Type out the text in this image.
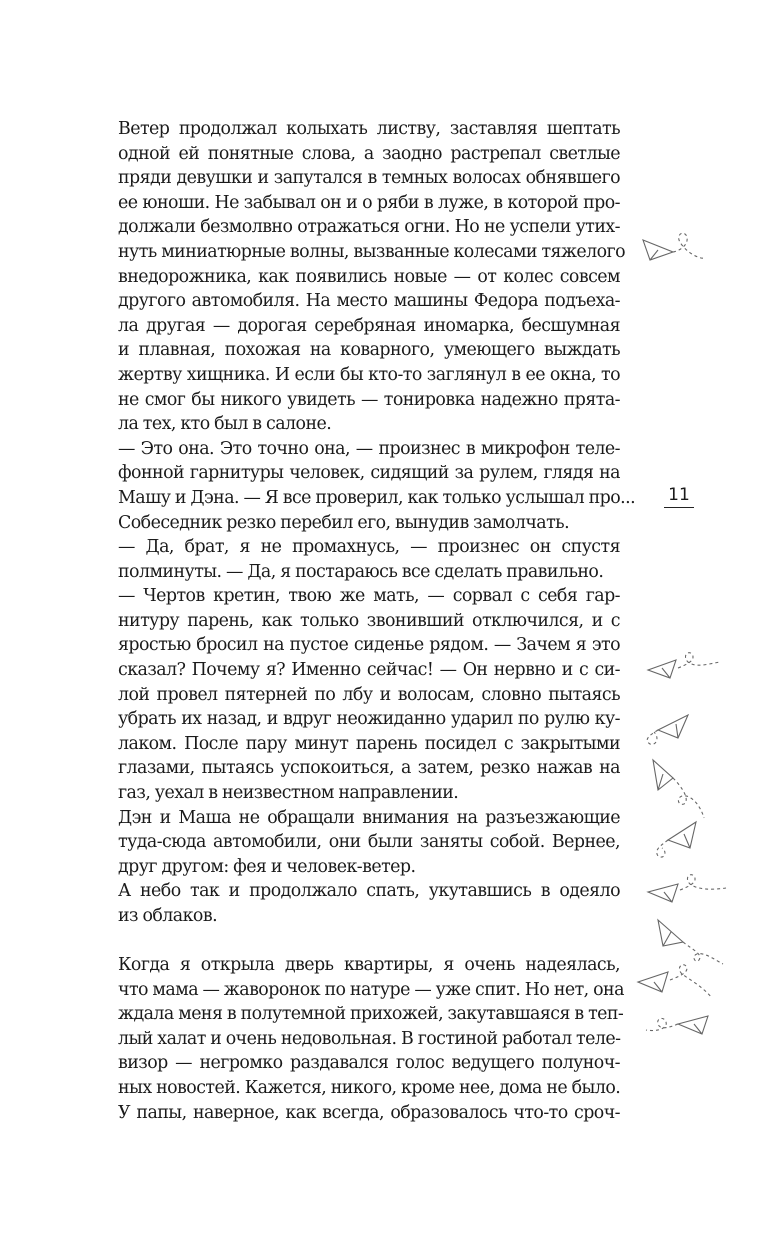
Ветер продолжал колыхать листву, заставляя шептать
одной ей понятные слова, а заодно растрепал светлые
пряди девушки и запутался в темных волосах обнявшего
ее юноши. Не забывал он и о ряби в луже, в которой про-
должали безмолвно отражаться огни. Но не успели утих-
нуть миниатюрные волны, вызванные колесами тяжелого
внедорожника, как появились новые — от колес совсем
другого автомобиля. На место машины Федора подъеха-
ла другая — дорогая серебряная иномарка, бесшумная
и плавная, похожая на коварного, умеющего выждать
жертву хищника. И если бы кто-то заглянул в ее окна, то
не смог бы никого увидеть — тонировка надежно прята-
ла тех, кто был в салоне.
— Это она. Это точно она, — произнес в микрофон теле-
фонной гарнитуры человек, сидящий за рулем, глядя на
Машу и Дэна. — Я все проверил, как только услышал про...
Собеседник резко перебил его, вынудив замолчать.
— Да, брат, я не промахнусь, — произнес он спустя
полминуты. — Да, я постараюсь все сделать правильно.
— Чертов кретин, твою же мать, — сорвал с себя гар-
нитуру парень, как только звонивший отключился, и с
яростью бросил на пустое сиденье рядом. — Зачем я это
сказал? Почему я? Именно сейчас! — Он нервно и с си-
лой провел пятерней по лбу и волосам, словно пытаясь
убрать их назад, и вдруг неожиданно ударил по рулю ку-
лаком. После пару минут парень посидел с закрытыми
глазами, пытаясь успокоиться, а затем, резко нажав на
газ, уехал в неизвестном направлении.
Дэн и Маша не обращали внимания на разъезжающие
туда-сюда автомобили, они были заняты собой. Вернее,
друг другом: фея и человек-ветер.
А небо так и продолжало спать, укутавшись в одеяло
из облаков.
Когда я открыла дверь квартиры, я очень надеялась,
что мама — жаворонок по натуре — уже спит. Но нет, она
ждала меня в полутемной прихожей, закутавшаяся в теп-
лый халат и очень недовольная. В гостиной работал теле-
визор — негромко раздавался голос ведущего полуноч-
ных новостей. Кажется, никого, кроме нее, дома не было.
У папы, наверное, как всегда, образовалось что-то сроч-
11
